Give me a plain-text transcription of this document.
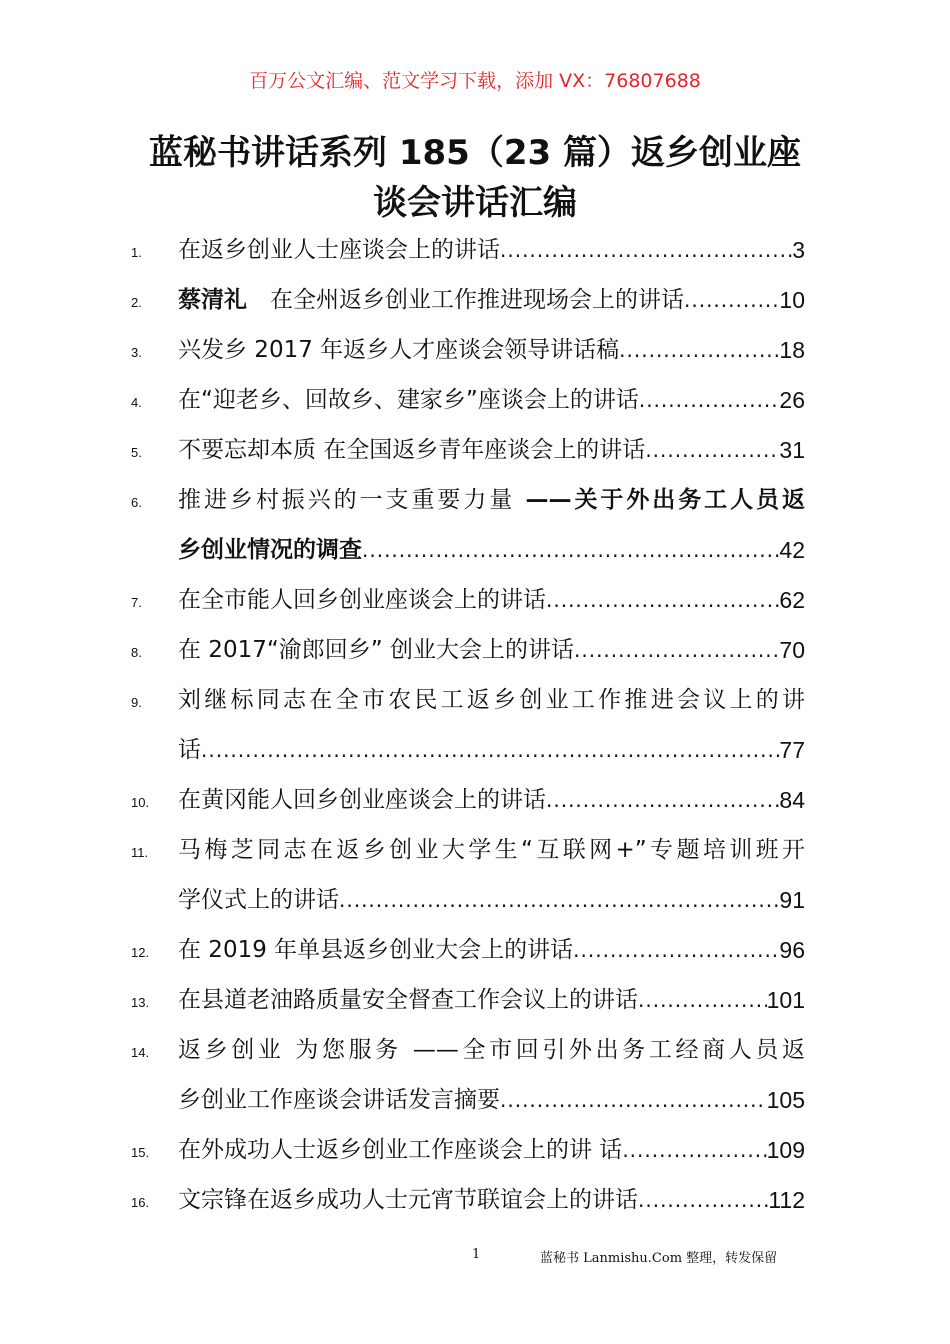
百万公文汇编、范文学习下载，添加 VX：76807688
蓝秘书讲话系列 185（23 篇）返乡创业座
谈会讲话汇编
1. 在返乡创业人士座谈会上的讲话 .....	3
2. 蔡清礼 　在全州返乡创业工作推进现场会上的讲话 .....	10
3. 兴发乡 2017 年返乡人才座谈会领导讲话稿 .....	18
4. 在“迎老乡、回故乡、建家乡”座谈会上的讲话 .....	26
5. 不要忘却本质 在全国返乡青年座谈会上的讲话 .....	31
6. 推进乡村振兴的一支重要力量 ——关于外出务工人员返
乡创业情况的调查 .....	42
7. 在全市能人回乡创业座谈会上的讲话 .....	62
8. 在 2017“渝郎回乡” 创业大会上的讲话 .....	70
9. 刘继标同志在全市农民工返乡创业工作推进会议上的讲
话 .....	77
10. 在黄冈能人回乡创业座谈会上的讲话 .....	84
11. 马梅芝同志在返乡创业大学生“互联网+”专题培训班开
学仪式上的讲话 .....	91
12. 在 2019 年单县返乡创业大会上的讲话 .....	96
13. 在县道老油路质量安全督查工作会议上的讲话 .....	101
14. 返乡创业 为您服务 ——全市回引外出务工经商人员返
乡创业工作座谈会讲话发言摘要 .....	105
15. 在外成功人士返乡创业工作座谈会上的讲 话 .....	109
16. 文宗锋在返乡成功人士元宵节联谊会上的讲话 .....	112
1	蓝秘书 Lanmishu.Com 整理，转发保留
